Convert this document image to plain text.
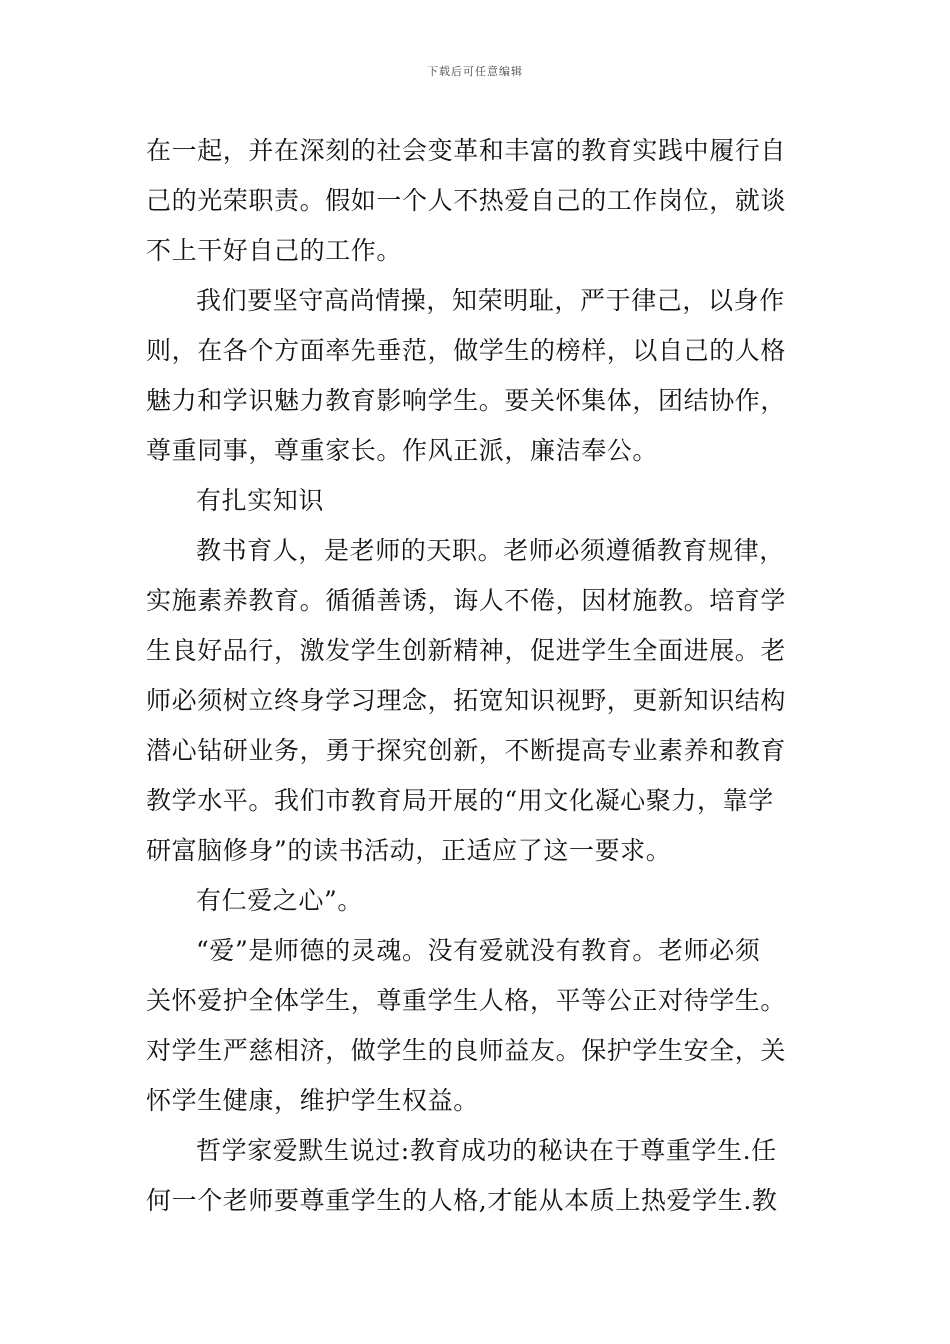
下载后可任意编辑
在一起，并在深刻的社会变革和丰富的教育实践中履行自
己的光荣职责。假如一个人不热爱自己的工作岗位，就谈
不上干好自己的工作。
我们要坚守高尚情操，知荣明耻，严于律己，以身作
则，在各个方面率先垂范，做学生的榜样，以自己的人格
魅力和学识魅力教育影响学生。要关怀集体，团结协作，
尊重同事，尊重家长。作风正派，廉洁奉公。
有扎实知识
教书育人，是老师的天职。老师必须遵循教育规律，
实施素养教育。循循善诱，诲人不倦，因材施教。培育学
生良好品行，激发学生创新精神，促进学生全面进展。老
师必须树立终身学习理念，拓宽知识视野，更新知识结构
潜心钻研业务，勇于探究创新，不断提高专业素养和教育
教学水平。我们市教育局开展的“用文化凝心聚力，靠学
研富脑修身”的读书活动，正适应了这一要求。
有仁爱之心”。
“爱”是师德的灵魂。没有爱就没有教育。老师必须
关怀爱护全体学生，尊重学生人格，平等公正对待学生。
对学生严慈相济，做学生的良师益友。保护学生安全，关
怀学生健康，维护学生权益。
哲学家爱默生说过:教育成功的秘诀在于尊重学生.任
何一个老师要尊重学生的人格,才能从本质上热爱学生.教
